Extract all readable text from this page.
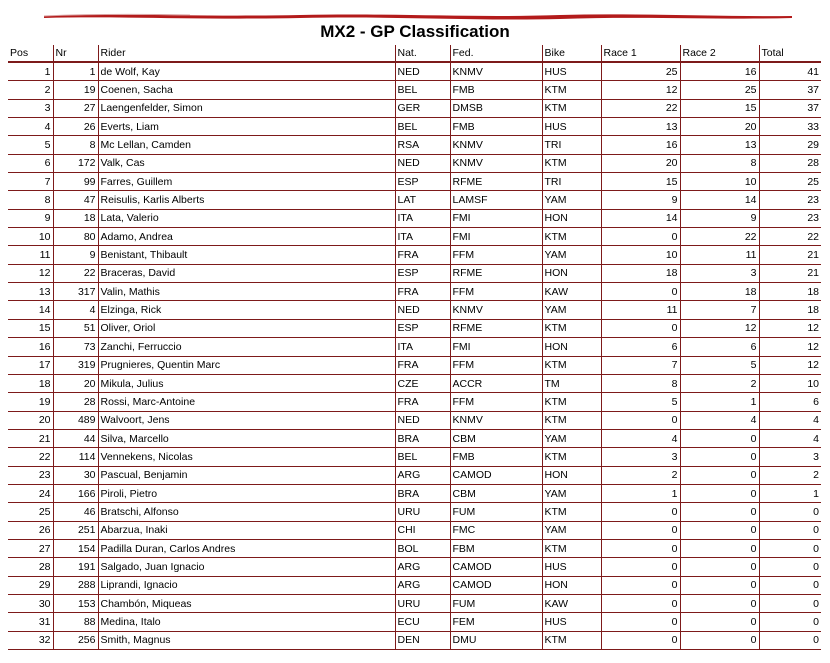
MX2 - GP Classification
Pos	Nr	Rider	Nat.	Fed.	Bike	Race 1	Race 2	Total
1	1	de Wolf, Kay	NED	KNMV	HUS	25	16	41
2	19	Coenen, Sacha	BEL	FMB	KTM	12	25	37
3	27	Laengenfelder, Simon	GER	DMSB	KTM	22	15	37
4	26	Everts, Liam	BEL	FMB	HUS	13	20	33
5	8	Mc Lellan, Camden	RSA	KNMV	TRI	16	13	29
6	172	Valk, Cas	NED	KNMV	KTM	20	8	28
7	99	Farres, Guillem	ESP	RFME	TRI	15	10	25
8	47	Reisulis, Karlis Alberts	LAT	LAMSF	YAM	9	14	23
9	18	Lata, Valerio	ITA	FMI	HON	14	9	23
10	80	Adamo, Andrea	ITA	FMI	KTM	0	22	22
11	9	Benistant, Thibault	FRA	FFM	YAM	10	11	21
12	22	Braceras, David	ESP	RFME	HON	18	3	21
13	317	Valin, Mathis	FRA	FFM	KAW	0	18	18
14	4	Elzinga, Rick	NED	KNMV	YAM	11	7	18
15	51	Oliver, Oriol	ESP	RFME	KTM	0	12	12
16	73	Zanchi, Ferruccio	ITA	FMI	HON	6	6	12
17	319	Prugnieres, Quentin Marc	FRA	FFM	KTM	7	5	12
18	20	Mikula, Julius	CZE	ACCR	TM	8	2	10
19	28	Rossi, Marc-Antoine	FRA	FFM	KTM	5	1	6
20	489	Walvoort, Jens	NED	KNMV	KTM	0	4	4
21	44	Silva, Marcello	BRA	CBM	YAM	4	0	4
22	114	Vennekens, Nicolas	BEL	FMB	KTM	3	0	3
23	30	Pascual, Benjamin	ARG	CAMOD	HON	2	0	2
24	166	Piroli, Pietro	BRA	CBM	YAM	1	0	1
25	46	Bratschi, Alfonso	URU	FUM	KTM	0	0	0
26	251	Abarzua, Inaki	CHI	FMC	YAM	0	0	0
27	154	Padilla Duran, Carlos Andres	BOL	FBM	KTM	0	0	0
28	191	Salgado, Juan Ignacio	ARG	CAMOD	HUS	0	0	0
29	288	Liprandi, Ignacio	ARG	CAMOD	HON	0	0	0
30	153	Chambón, Miqueas	URU	FUM	KAW	0	0	0
31	88	Medina, Italo	ECU	FEM	HUS	0	0	0
32	256	Smith, Magnus	DEN	DMU	KTM	0	0	0
